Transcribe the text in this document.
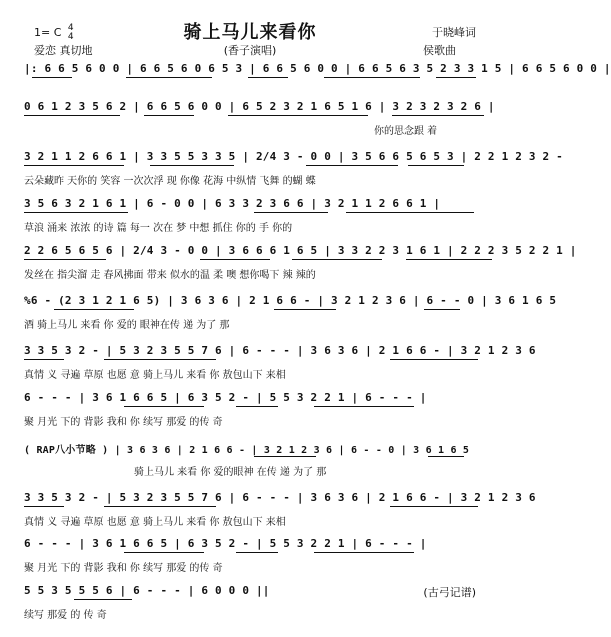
骑上马儿来看你
1= C 4
4
爱恋 真切地	(香子演唱)
于晓峰词
侯歌曲
|: 6 6 5 6 0 0 | 6 6 5 6 0 6 5 3 | 6 6 5 6 0 0 | 6 6 5 6 3 5 2 3 3 1 5 | 6 6 5 6 0 0 |
0 6 1 2 3 5 6 2 | 6 6 5 6 0 0 | 6 5 2 3 2 1 6 5 1 6 | 3 2 3 2 3 2 6 |
你的思念跟 着
3 2 1 1 2 6 6 1 | 3 3 5 5 3 3 5 | 2/4 3 - 0 0 | 3 5 6 6 5 6 5 3 | 2 2 1 2 3 2 -
云朵藏昨 天你的 笑容 一次次浮 现 你像 花海 中纵情 飞舞 的蝴 蝶
3 5 6 3 2 1 6 1 | 6 - 0 0 | 6 3 3 2 3 6 6 | 3 2 1 1 2 6 6 1 |
草浪 涌来 浓浓 的诗 篇 每一 次在 梦 中想 抓住 你的 手 你的
2 2 6 5 6 5 6 | 2/4 3 - 0 0 | 3 6 6 6 1 6 5 | 3 3 2 2 3 1 6 1 | 2 2 2 3 5 2 2 1 |
发丝在 指尖溜 走 春风拂面 带来 似水的温 柔 噢 想你喝下 辣 辣的
%6 - (2 3 1 2 1 6 5) | 3 6 3 6 | 2 1 6 6 - | 3 2 1 2 3 6 | 6 - - 0 | 3 6 1 6 5
酒 骑上马儿 来看 你 爱的 眼神在传 递 为了 那
3 3 5 3 2 - | 5 3 2 3 5 5 7 6 | 6 - - - | 3 6 3 6 | 2 1 6 6 - | 3 2 1 2 3 6
真情 义 寻遍 草原 也愿 意 骑上马儿 来看 你 敖包山下 来相
6 - - - | 3 6 1 6 6 5 | 6 3 5 2 - | 5 5 3 2 2 1 | 6 - - - |
聚 月光 下的 背影 我和 你 续写 那爱 的传 奇
( RAP八小节略 ) | 3 6 3 6 | 2 1 6 6 - | 3 2 1 2 3 6 | 6 - - 0 | 3 6 1 6 5
骑上马儿 来看 你 爱的眼神 在传 递 为了 那
3 3 5 3 2 - | 5 3 2 3 5 5 7 6 | 6 - - - | 3 6 3 6 | 2 1 6 6 - | 3 2 1 2 3 6
真情 义 寻遍 草原 也愿 意 骑上马儿 来看 你 敖包山下 来相
6 - - - | 3 6 1 6 6 5 | 6 3 5 2 - | 5 5 3 2 2 1 | 6 - - - |
聚 月光 下的 背影 我和 你 续写 那爱 的传 奇
5 5 3 5 5 5 6 | 6 - - - | 6 0 0 0 ||
续写 那爱 的 传 奇
(古弓记谱)
